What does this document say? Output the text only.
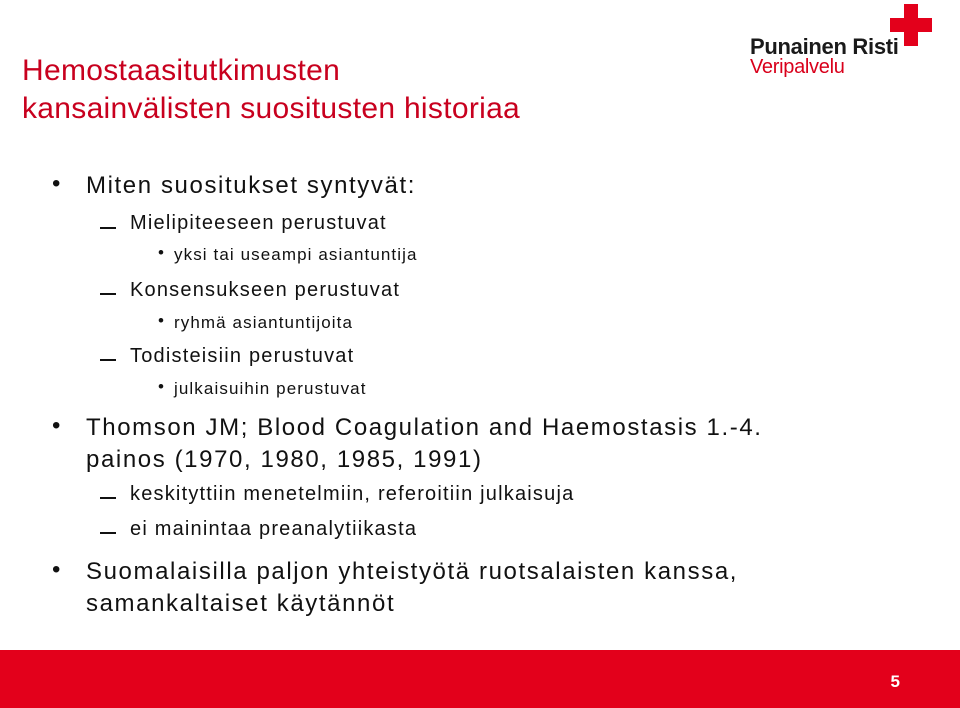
Hemostaasitutkimusten
kansainvälisten suositusten historiaa
Punainen Risti
Veripalvelu
• Miten suositukset syntyvät:
Mielipiteeseen perustuvat
• yksi tai useampi asiantuntija
Konsensukseen perustuvat
• ryhmä asiantuntijoita
Todisteisiin perustuvat
• julkaisuihin perustuvat
• Thomson JM; Blood Coagulation and Haemostasis 1.-4.
painos (1970, 1980, 1985, 1991)
keskityttiin menetelmiin, referoitiin julkaisuja
ei mainintaa preanalytiikasta
• Suomalaisilla paljon yhteistyötä ruotsalaisten kanssa,
samankaltaiset käytännöt
5
